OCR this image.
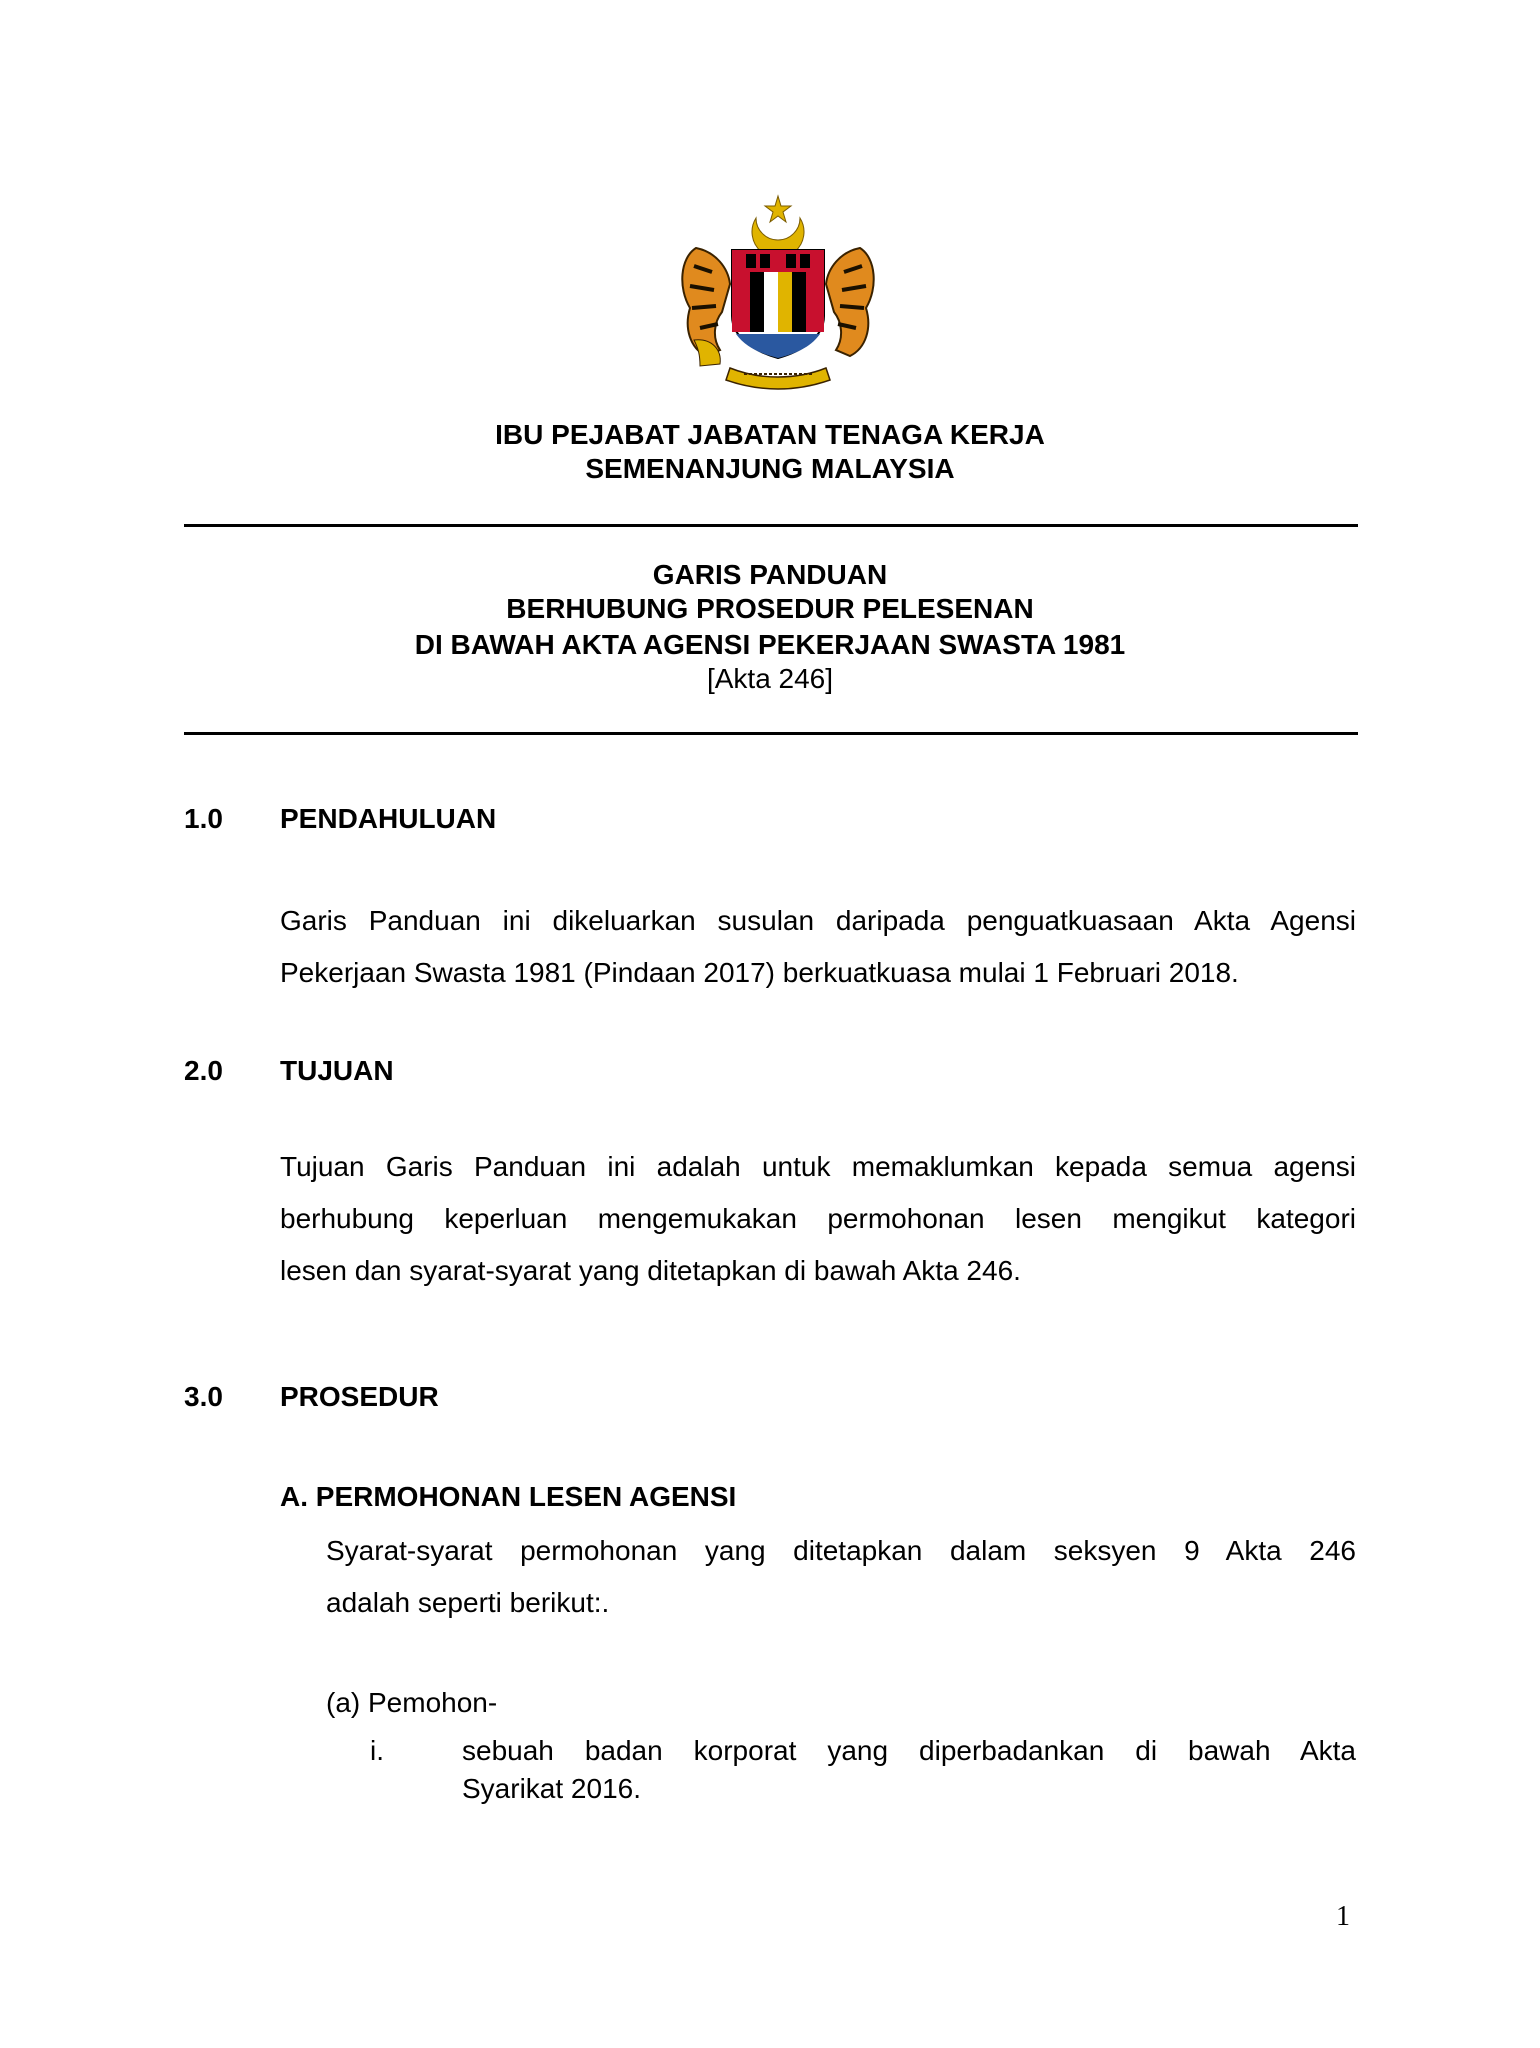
IBU PEJABAT JABATAN TENAGA KERJA
SEMENANJUNG MALAYSIA
GARIS PANDUAN
BERHUBUNG PROSEDUR PELESENAN
DI BAWAH AKTA AGENSI PEKERJAAN SWASTA 1981
[Akta 246]
1.0 PENDAHULUAN
Garis Panduan ini dikeluarkan susulan daripada penguatkuasaan Akta Agensi
Pekerjaan Swasta 1981 (Pindaan 2017) berkuatkuasa mulai 1 Februari 2018.
2.0 TUJUAN
Tujuan Garis Panduan ini adalah untuk memaklumkan kepada semua agensi
berhubung keperluan mengemukakan permohonan lesen mengikut kategori
lesen dan syarat-syarat yang ditetapkan di bawah Akta 246.
3.0 PROSEDUR
A. PERMOHONAN LESEN AGENSI
Syarat-syarat permohonan yang ditetapkan dalam seksyen 9 Akta 246
adalah seperti berikut:.
(a) Pemohon-
i.	sebuah badan korporat yang diperbadankan di bawah Akta
Syarikat 2016.
1
